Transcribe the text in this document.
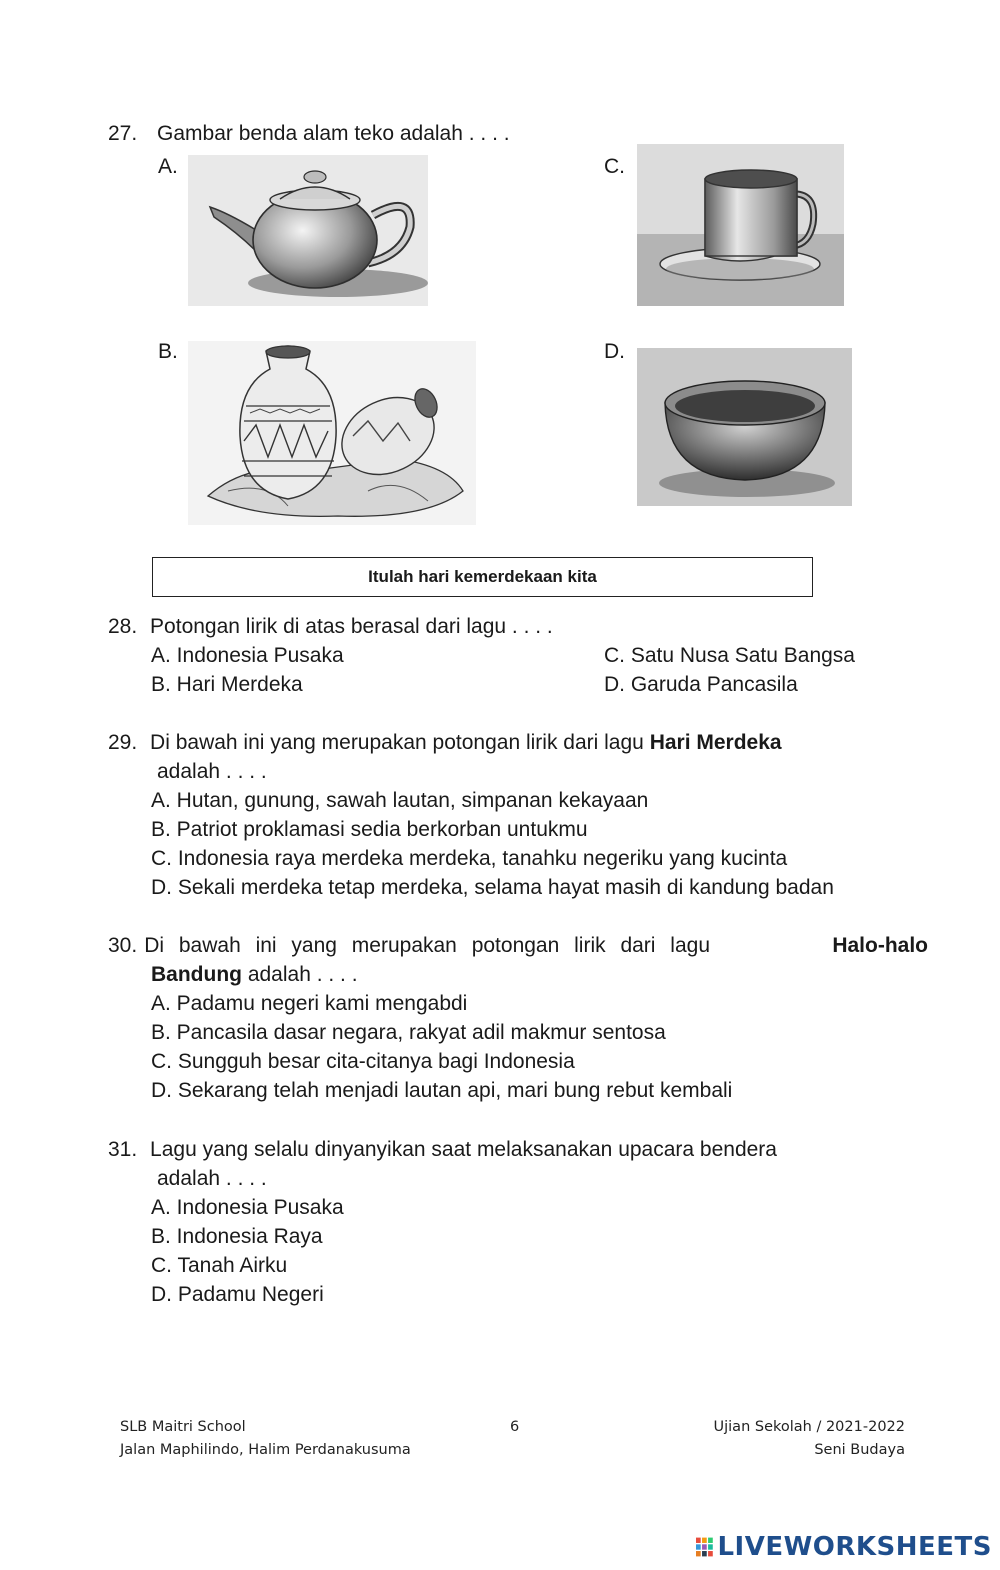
27. Gambar benda alam teko adalah . . . .
A.	C.
B.	D.
Itulah hari kemerdekaan kita
28. Potongan lirik di atas berasal dari lagu . . . .
A. Indonesia Pusaka
B. Hari Merdeka
C. Satu Nusa Satu Bangsa
D. Garuda Pancasila
29. Di bawah ini yang merupakan potongan lirik dari lagu Hari Merdeka
adalah . . . .
A. Hutan, gunung, sawah lautan, simpanan kekayaan
B. Patriot proklamasi sedia berkorban untukmu
C. Indonesia raya merdeka merdeka, tanahku negeriku yang kucinta
D. Sekali merdeka tetap merdeka, selama hayat masih di kandung badan
30. Di bawah ini yang merupakan potongan lirik dari lagu	Halo-halo
Bandung adalah . . . .
A. Padamu negeri kami mengabdi
B. Pancasila dasar negara, rakyat adil makmur sentosa
C. Sungguh besar cita-citanya bagi Indonesia
D. Sekarang telah menjadi lautan api, mari bung rebut kembali
31. Lagu yang selalu dinyanyikan saat melaksanakan upacara bendera
adalah . . . .
A. Indonesia Pusaka
B. Indonesia Raya
C. Tanah Airku
D. Padamu Negeri
SLB Maitri School
Jalan Maphilindo, Halim Perdanakusuma
6	Ujian Sekolah / 2021-2022
Seni Budaya
LIVEWORKSHEETS
